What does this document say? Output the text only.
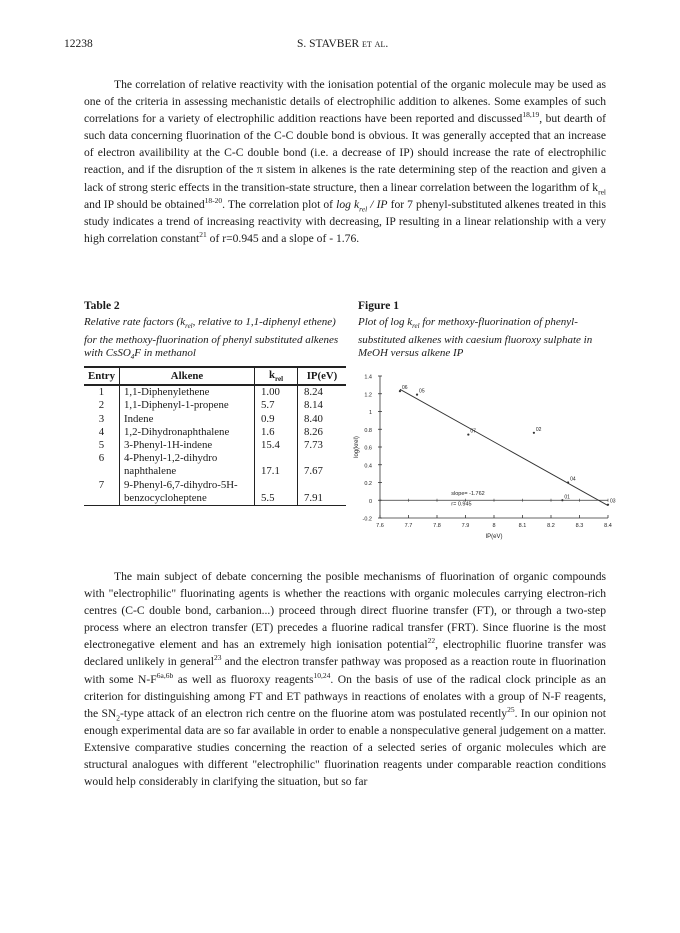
12238	S. STAVBER et al.

The correlation of relative reactivity with the ionisation potential of the organic molecule may be used as one of the criteria in assessing mechanistic details of electrophilic addition to alkenes. Some examples of such correlations for a variety of electrophilic addition reactions have been reported and discussed$^{18,19}$, but dearth of such data concerning fluorination of the C-C double bond is obvious. It was generally accepted that an increase of electron availibility at the C-C double bond (i.e. a decrease of IP) should increase the rate of electrophilic reaction, and if the disruption of the π sistem in alkenes is the rate determining step of the reaction and given a lack of strong steric effects in the transition-state structure, then a linear correlation between the logarithm of $k_{rel}$ and IP should be obtained$^{18-20}$. The correlation plot of $\log k_{rel}$ / IP for 7 phenyl-substituted alkenes treated in this study indicates a trend of increasing reactivity with decreasing, IP resulting in a linear relationship with a very high correlation constant$^{21}$ of r=0.945 and a slope of - 1.76.

Table 2

Relative rate factors ($k_{rel}$, relative to 1,1-diphenyl ethene) for the methoxy-fluorination of phenyl substituted alkenes with CsSO$_4$F in methanol

Entry	Alkene	$k_{rel}$	IP(eV)
1	1,1-Diphenylethene	1.00	8.24
2	1,1-Diphenyl-1-propene	5.7	8.14
3	Indene	0.9	8.40
4	1,2-Dihydronaphthalene	1.6	8.26
5	3-Phenyl-1H-indene	15.4	7.73
6	4-Phenyl-1,2-dihydro
naphthalene	17.1	7.67
7	9-Phenyl-6,7-dihydro-5H-
benzocycloheptene	5.5	7.91
Figure 1

Plot of $\log k_{rel}$ for methoxy-fluorination of phenyl-substituted alkenes with caesium fluoroxy sulphate in MeOH versus alkene IP

-0.2
0
0.2
0.4
0.6
0.8
1
1.2
1.4
7.6	7.7	7.8	7.9	8	8.1	8.2	8.3	8.4
IP(eV)
log(krel)
01
02
03
04
05
06
07
slope= -1.762
r= 0.945

The main subject of debate concerning the posible mechanisms of fluorination of organic compounds with "electrophilic" fluorinating agents is whether the reactions with organic molecules carrying electron-rich centres (C-C double bond, carbanion...) proceed through direct fluorine transfer (FT), or through a two-step process where an electron transfer (ET) precedes a fluorine radical transfer (FRT). Since fluorine is the most electronegative element and has an extremely high ionisation potential$^{22}$, electrophilic fluorine transfer was declared unlikely in general$^{23}$ and the electron transfer pathway was proposed as a reaction route in fluorination with some $N-F^{6a,6b}$ as well as fluoroxy reagents$^{10,24}$. On the basis of use of the radical clock principle as an criterion for distinguishing among FT and ET pathways in reactions of enolates with a group of N-F reagents, the $SN_2$-type attack of an electron rich centre on the fluorine atom was postulated recently$^{25}$. In our opinion not enough experimental data are so far available in order to enable a nonspeculative general judgement on a matter. Extensive comparative studies concerning the reaction of a selected series of organic molecules which are structural analogues with different "electrophilic" fluorination reagents under comparable reaction conditions would help considerably in clarifying the situation, but so far
